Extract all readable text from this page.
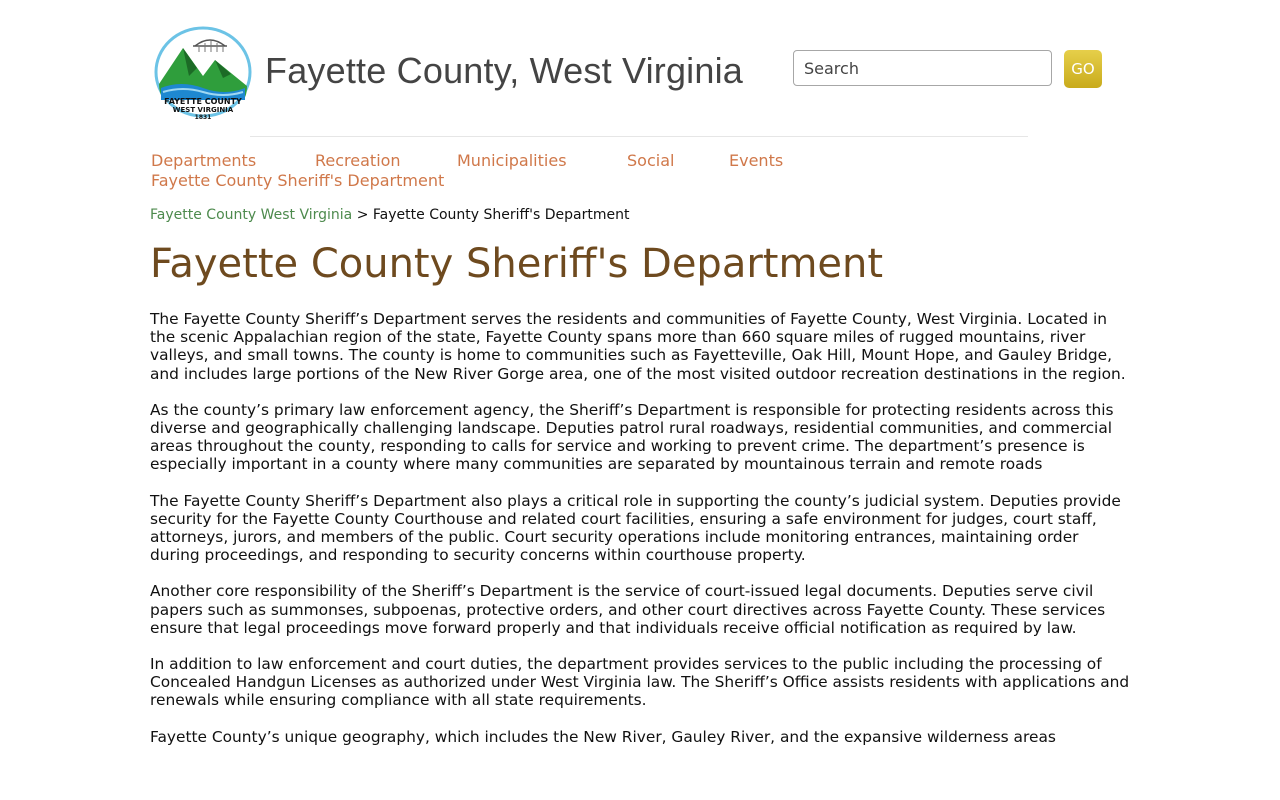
FAYETTE COUNTY
WEST VIRGINIA
1831
Fayette County, West Virginia
Search	GO
Departments	Recreation	Municipalities	Social	Events
Fayette County Sheriff's Department
Fayette County West Virginia > Fayette County Sheriff's Department
Fayette County Sheriff's Department

The Fayette County Sheriff’s Department serves the residents and communities of Fayette County, West Virginia. Located in the scenic Appalachian region of the state, Fayette County spans more than 660 square miles of rugged mountains, river valleys, and small towns. The county is home to communities such as Fayetteville, Oak Hill, Mount Hope, and Gauley Bridge, and includes large portions of the New River Gorge area, one of the most visited outdoor recreation destinations in the region.

As the county’s primary law enforcement agency, the Sheriff’s Department is responsible for protecting residents across this diverse and geographically challenging landscape. Deputies patrol rural roadways, residential communities, and commercial areas throughout the county, responding to calls for service and working to prevent crime. The department’s presence is especially important in a county where many communities are separated by mountainous terrain and remote roads

The Fayette County Sheriff’s Department also plays a critical role in supporting the county’s judicial system. Deputies provide security for the Fayette County Courthouse and related court facilities, ensuring a safe environment for judges, court staff, attorneys, jurors, and members of the public. Court security operations include monitoring entrances, maintaining order during proceedings, and responding to security concerns within courthouse property.

Another core responsibility of the Sheriff’s Department is the service of court-issued legal documents. Deputies serve civil papers such as summonses, subpoenas, protective orders, and other court directives across Fayette County. These services ensure that legal proceedings move forward properly and that individuals receive official notification as required by law.

In addition to law enforcement and court duties, the department provides services to the public including the processing of Concealed Handgun Licenses as authorized under West Virginia law. The Sheriff’s Office assists residents with applications and renewals while ensuring compliance with all state requirements.

Fayette County’s unique geography, which includes the New River, Gauley River, and the expansive wilderness areas
